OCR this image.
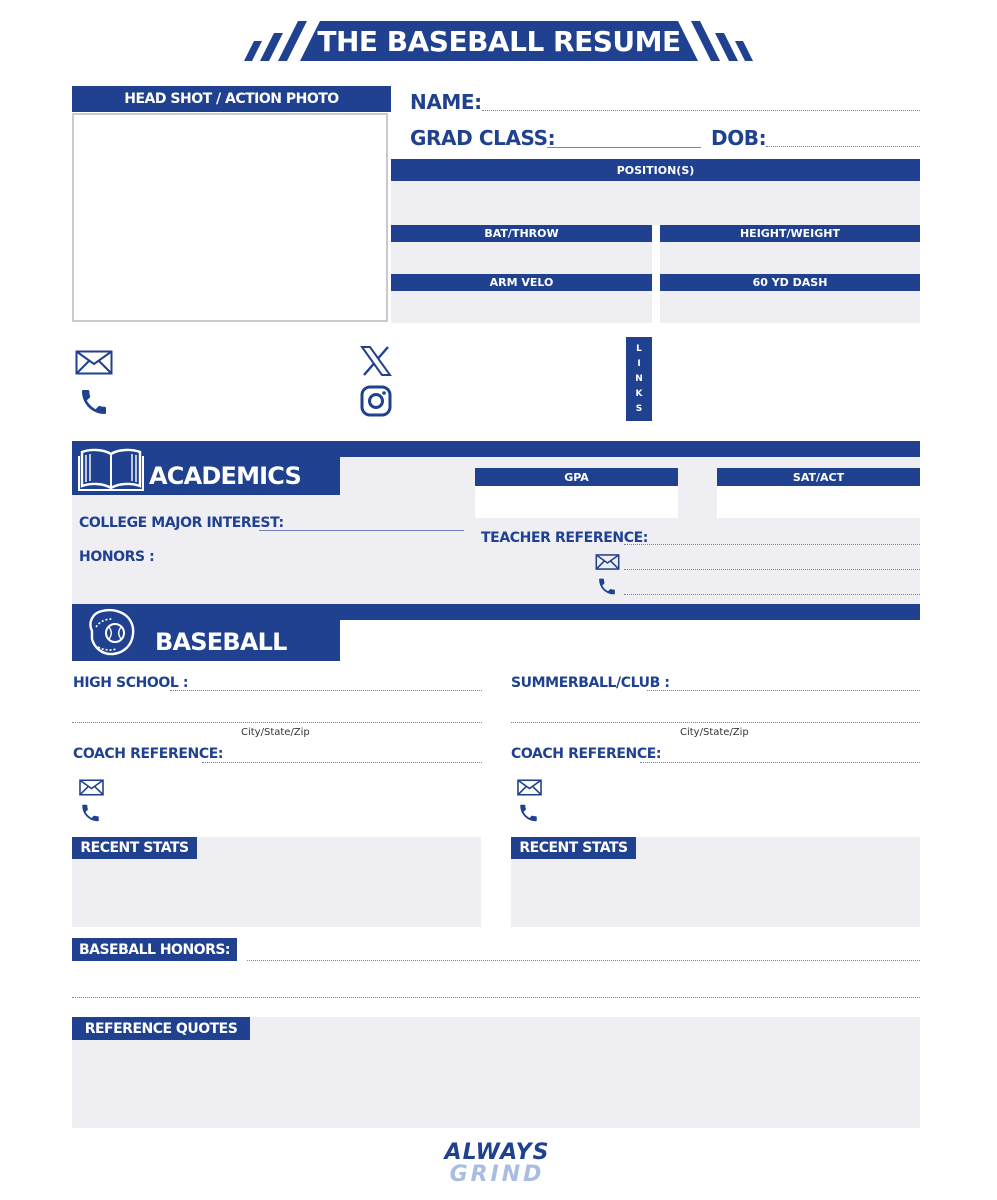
THE BASEBALL RESUME
HEAD SHOT / ACTION PHOTO	NAME:
GRAD CLASS:	DOB:
POSITION(S)
BAT/THROW	HEIGHT/WEIGHT
ARM VELO	60 YD DASH
LINKS
ACADEMICS	GPA	SAT/ACT
COLLEGE MAJOR INTEREST:
HONORS :
TEACHER REFERENCE:
BASEBALL
HIGH SCHOOL :
City/State/Zip
COACH REFERENCE:
RECENT STATS
SUMMERBALL/CLUB :
City/State/Zip
COACH REFERENCE:
RECENT STATS
BASEBALL HONORS:
REFERENCE QUOTES
ALWAYS
GRIND
